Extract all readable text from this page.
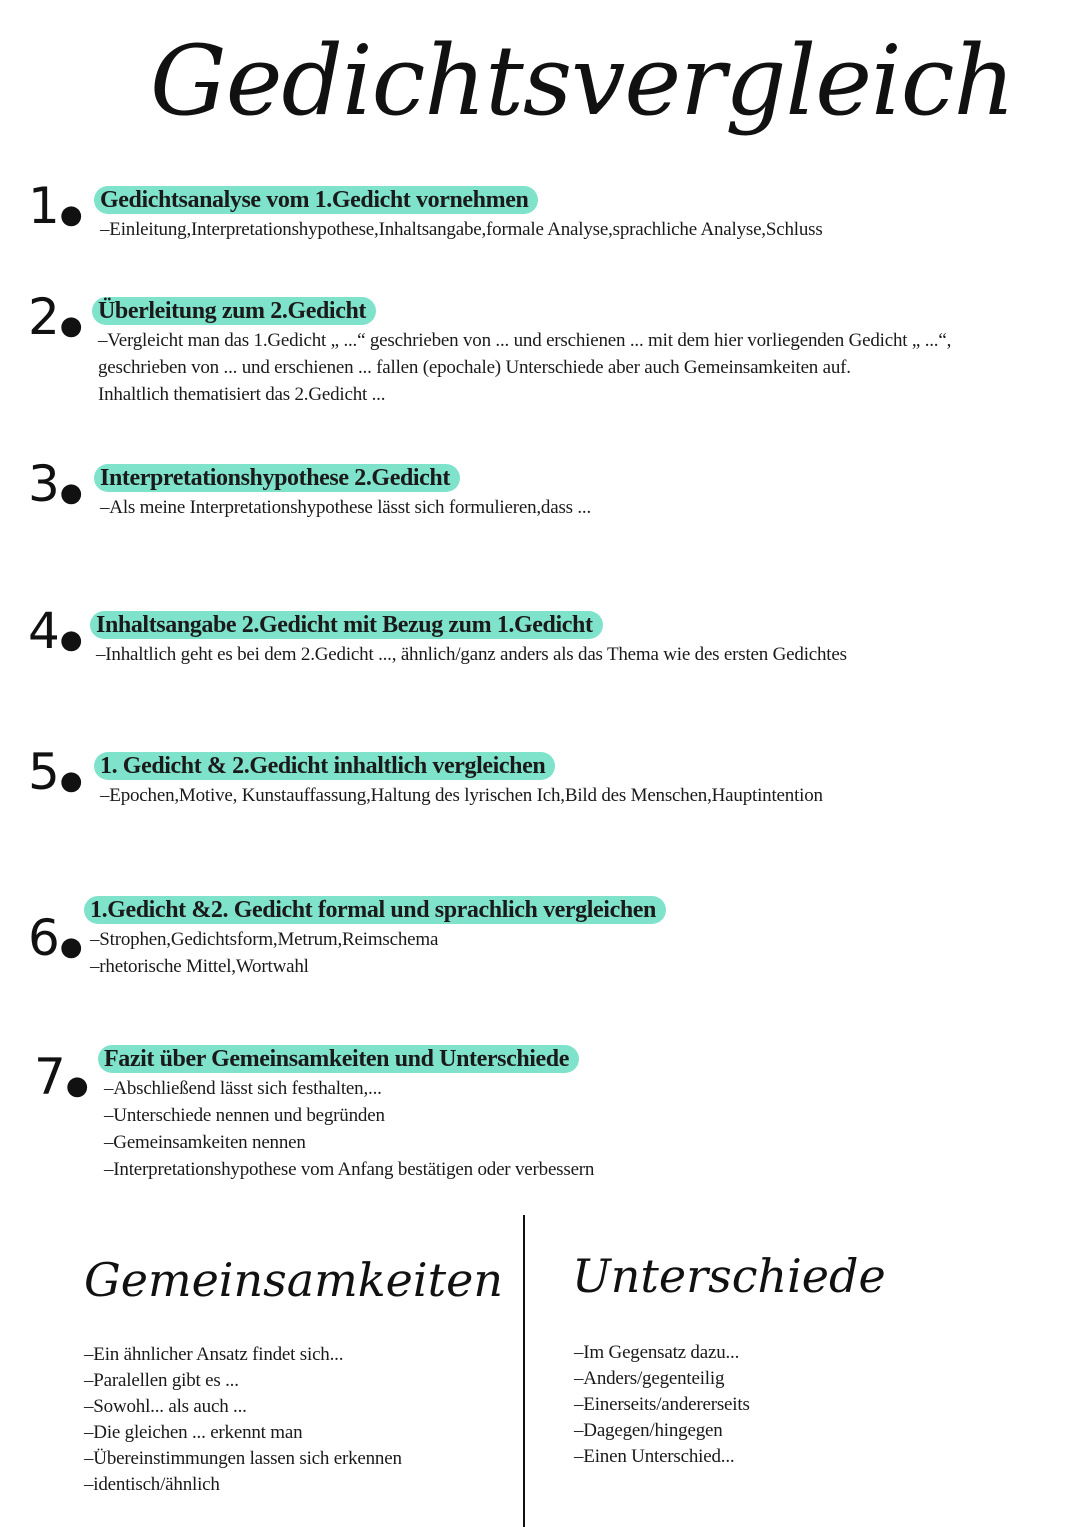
Gedichtsvergleich
1● Gedichtsanalyse vom 1.Gedicht vornehmen
–Einleitung,Interpretationshypothese,Inhaltsangabe,formale Analyse,sprachliche Analyse,Schluss
2● Überleitung zum 2.Gedicht
–Vergleicht man das 1.Gedicht „ ...“ geschrieben von ... und erschienen ... mit dem hier vorliegenden Gedicht „ ...“,
geschrieben von ... und erschienen ... fallen (epochale) Unterschiede aber auch Gemeinsamkeiten auf.
Inhaltlich thematisiert das 2.Gedicht ...
3● Interpretationshypothese 2.Gedicht
–Als meine Interpretationshypothese lässt sich formulieren,dass ...
4● Inhaltsangabe 2.Gedicht mit Bezug zum 1.Gedicht
–Inhaltlich geht es bei dem 2.Gedicht ..., ähnlich/ganz anders als das Thema wie des ersten Gedichtes
5● 1. Gedicht & 2.Gedicht inhaltlich vergleichen
–Epochen,Motive, Kunstauffassung,Haltung des lyrischen Ich,Bild des Menschen,Hauptintention
6●
1.Gedicht &2. Gedicht formal und sprachlich vergleichen
–Strophen,Gedichtsform,Metrum,Reimschema
–rhetorische Mittel,Wortwahl
7●
Fazit über Gemeinsamkeiten und Unterschiede
–Abschließend lässt sich festhalten,...
–Unterschiede nennen und begründen
–Gemeinsamkeiten nennen
–Interpretationshypothese vom Anfang bestätigen oder verbessern
Gemeinsamkeiten Unterschiede
–Ein ähnlicher Ansatz findet sich...
–Paralellen gibt es ...
–Sowohl... als auch ...
–Die gleichen ... erkennt man
–Übereinstimmungen lassen sich erkennen
–identisch/ähnlich
–Im Gegensatz dazu...
–Anders/gegenteilig
–Einerseits/andererseits
–Dagegen/hingegen
–Einen Unterschied...
